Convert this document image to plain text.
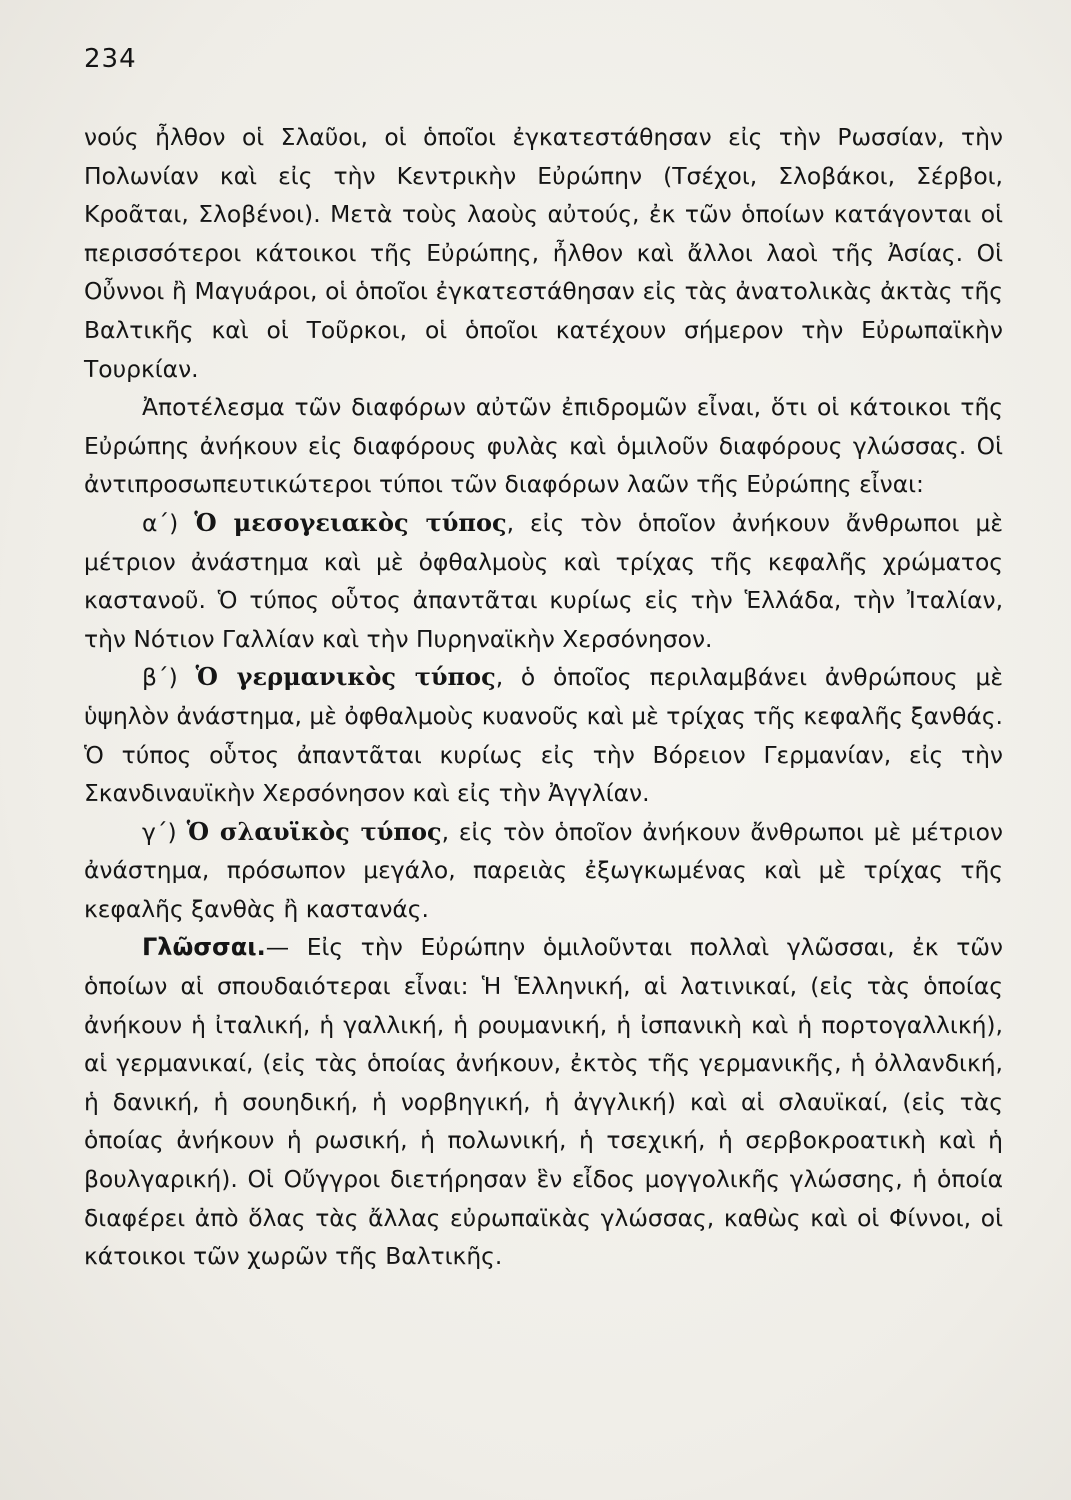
234

νούς ἦλθον οἱ Σλαῦοι, οἱ ὁποῖοι ἐγκατεστάθησαν εἰς τὴν Ρωσσίαν, τὴν Πολωνίαν καὶ εἰς τὴν Κεντρικὴν Εὐρώπην (Τσέχοι, Σλοβάκοι, Σέρβοι, Κροᾶται, Σλοβένοι). Μετὰ τοὺς λαοὺς αὐτούς, ἐκ τῶν ὁποίων κατάγονται οἱ περισσότεροι κάτοικοι τῆς Εὐρώπης, ἦλθον καὶ ἄλλοι λαοὶ τῆς Ἀσίας. Οἱ Οὖννοι ἢ Μαγυάροι, οἱ ὁποῖοι ἐγκατεστάθησαν εἰς τὰς ἀνατολικὰς ἀκτὰς τῆς Βαλτικῆς καὶ οἱ Τοῦρκοι, οἱ ὁποῖοι κατέχουν σήμερον τὴν Εὐρωπαϊκὴν Τουρκίαν.

Ἀποτέλεσμα τῶν διαφόρων αὐτῶν ἐπιδρομῶν εἶναι, ὅτι οἱ κάτοικοι τῆς Εὐρώπης ἀνήκουν εἰς διαφόρους φυλὰς καὶ ὁμιλοῦν διαφόρους γλώσσας. Οἱ ἀντιπροσωπευτικώτεροι τύποι τῶν διαφόρων λαῶν τῆς Εὐρώπης εἶναι:

α΄) Ὁ μεσογειακὸς τύπος, εἰς τὸν ὁποῖον ἀνήκουν ἄνθρωποι μὲ μέτριον ἀνάστημα καὶ μὲ ὀφθαλμοὺς καὶ τρίχας τῆς κεφαλῆς χρώματος καστανοῦ. Ὁ τύπος οὗτος ἀπαντᾶται κυρίως εἰς τὴν Ἑλλάδα, τὴν Ἰταλίαν, τὴν Νότιον Γαλλίαν καὶ τὴν Πυρηναϊκὴν Χερσόνησον.

β΄) Ὁ γερμανικὸς τύπος, ὁ ὁποῖος περιλαμβάνει ἀνθρώπους μὲ ὑψηλὸν ἀνάστημα, μὲ ὀφθαλμοὺς κυανοῦς καὶ μὲ τρίχας τῆς κεφαλῆς ξανθάς. Ὁ τύπος οὗτος ἀπαντᾶται κυρίως εἰς τὴν Βόρειον Γερμανίαν, εἰς τὴν Σκανδιναυϊκὴν Χερσόνησον καὶ εἰς τὴν Ἀγγλίαν.

γ΄) Ὁ σλαυϊκὸς τύπος, εἰς τὸν ὁποῖον ἀνήκουν ἄνθρωποι μὲ μέτριον ἀνάστημα, πρόσωπον μεγάλο, παρειὰς ἐξωγκωμένας καὶ μὲ τρίχας τῆς κεφαλῆς ξανθὰς ἢ καστανάς.

Γλῶσσαι.— Εἰς τὴν Εὐρώπην ὁμιλοῦνται πολλαὶ γλῶσσαι, ἐκ τῶν ὁποίων αἱ σπουδαιότεραι εἶναι: Ἡ Ἑλληνική, αἱ λατινικαί, (εἰς τὰς ὁποίας ἀνήκουν ἡ ἰταλική, ἡ γαλλική, ἡ ρουμανική, ἡ ἰσπανικὴ καὶ ἡ πορτογαλλική), αἱ γερμανικαί, (εἰς τὰς ὁποίας ἀνήκουν, ἐκτὸς τῆς γερμανικῆς, ἡ ὀλλανδική, ἡ δανική, ἡ σουηδική, ἡ νορβηγική, ἡ ἀγγλική) καὶ αἱ σλαυϊκαί, (εἰς τὰς ὁποίας ἀνήκουν ἡ ρωσική, ἡ πολωνική, ἡ τσεχική, ἡ σερβοκροατικὴ καὶ ἡ βουλγαρική). Οἱ Οὔγγροι διετήρησαν ἓν εἶδος μογγολικῆς γλώσσης, ἡ ὁποία διαφέρει ἀπὸ ὅλας τὰς ἄλλας εὐρωπαϊκὰς γλώσσας, καθὼς καὶ οἱ Φίννοι, οἱ κάτοικοι τῶν χωρῶν τῆς Βαλτικῆς.
